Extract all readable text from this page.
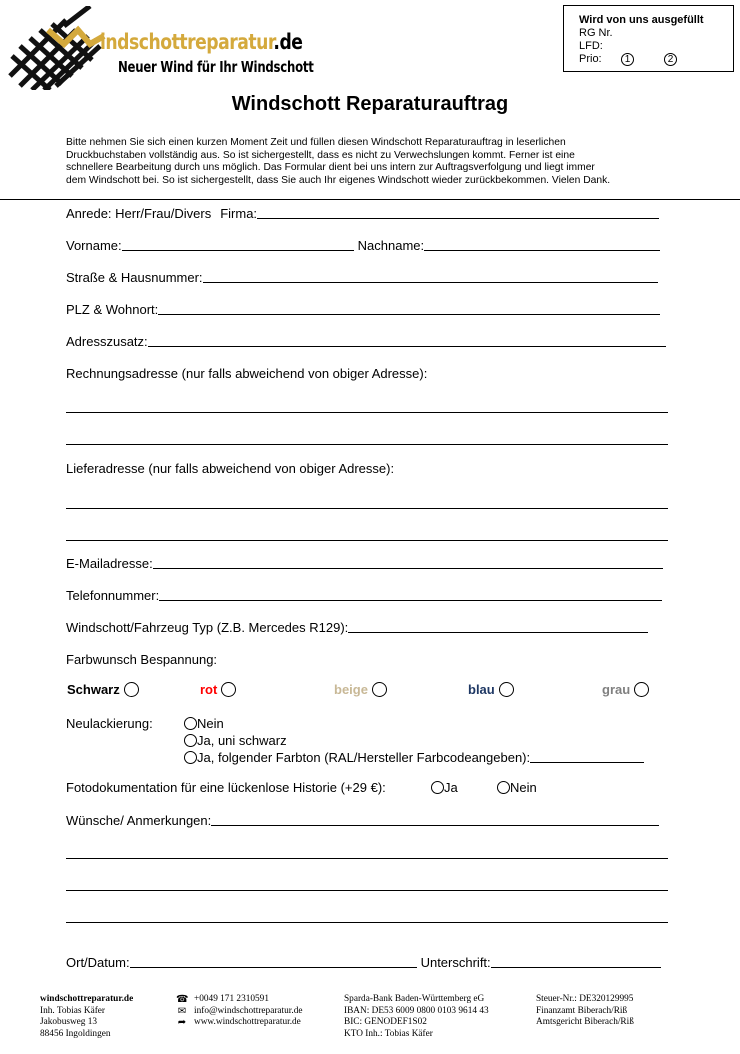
indschottreparatur.de
Neuer Wind für Ihr Windschott
Wird von uns ausgefüllt
RG Nr.
LFD:
Prio:	1	2
Windschott Reparaturauftrag
Bitte nehmen Sie sich einen kurzen Moment Zeit und füllen diesen Windschott Reparaturauftrag in leserlichen
Druckbuchstaben vollständig aus. So ist sichergestellt, dass es nicht zu Verwechslungen kommt. Ferner ist eine
schnellere Bearbeitung durch uns möglich. Das Formular dient bei uns intern zur Auftragsverfolgung und liegt immer
dem Windschott bei. So ist sichergestellt, dass Sie auch Ihr eigenes Windschott wieder zurückbekommen. Vielen Dank.
Anrede: Herr/Frau/Divers Firma:
Vorname:	Nachname:
Straße & Hausnummer:
PLZ & Wohnort:
Adresszusatz:
Rechnungsadresse (nur falls abweichend von obiger Adresse):
Lieferadresse (nur falls abweichend von obiger Adresse):
E-Mailadresse:
Telefonnummer:
Windschott/Fahrzeug Typ (Z.B. Mercedes R129):
Farbwunsch Bespannung:
Schwarz	rot	beige	blau	grau
Neulackierung:	Nein
Ja, uni schwarz
Ja, folgender Farbton (RAL/Hersteller Farbcodeangeben):
Fotodokumentation für eine lückenlose Historie (+29 €):	Ja	Nein
Wünsche/ Anmerkungen:
Ort/Datum:	Unterschrift:
windschottreparatur.de
Inh. Tobias Käfer
Jakobusweg 13
88456 Ingoldingen
☎ +0049 171 2310591
✉ info@windschottreparatur.de
➦ www.windschottreparatur.de
Sparda-Bank Baden-Württemberg eG
IBAN: DE53 6009 0800 0103 9614 43
BIC: GENODEF1S02
KTO Inh.: Tobias Käfer
Steuer-Nr.: DE320129995
Finanzamt Biberach/Riß
Amtsgericht Biberach/Riß
